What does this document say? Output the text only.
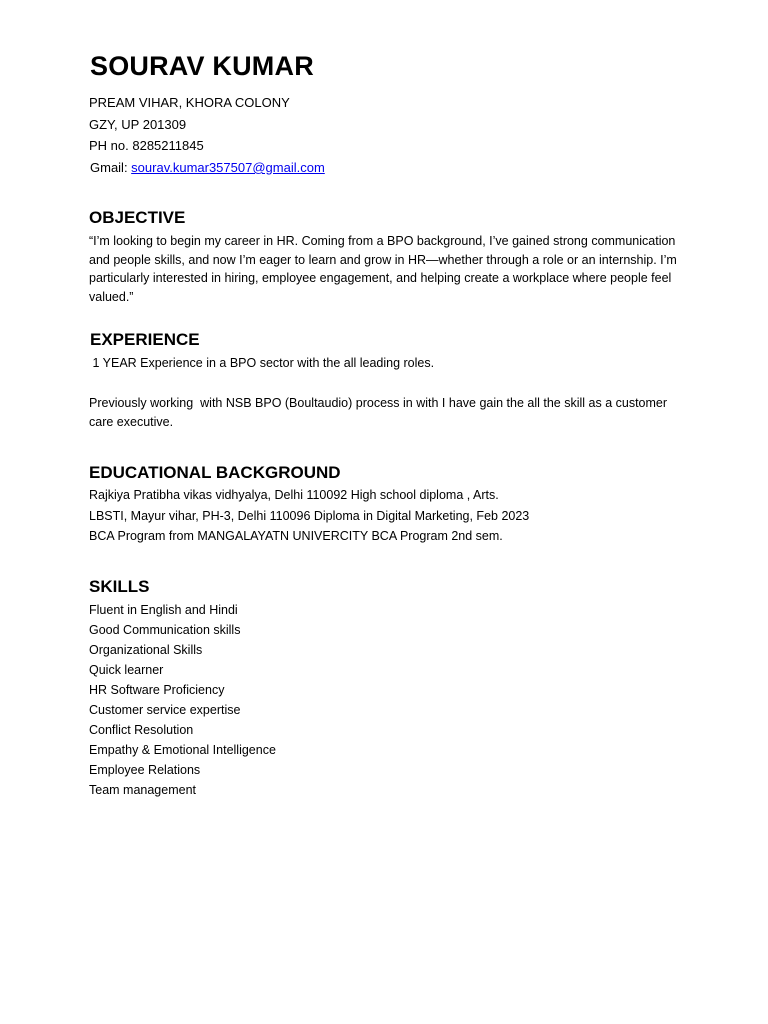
SOURAV KUMAR

PREAM VIHAR, KHORA COLONY

GZY, UP 201309

PH no. 8285211845

Gmail: sourav.kumar357507@gmail.com

OBJECTIVE

“I’m looking to begin my career in HR. Coming from a BPO background, I’ve gained strong communication and people skills, and now I’m eager to learn and grow in HR—whether through a role or an internship. I’m particularly interested in hiring, employee engagement, and helping create a workplace where people feel valued.”

EXPERIENCE

1 YEAR Experience in a BPO sector with the all leading roles.

Previously working  with NSB BPO (Boultaudio) process in with I have gain the all the skill as a customer care executive.

EDUCATIONAL BACKGROUND

Rajkiya Pratibha vikas vidhyalya, Delhi 110092 High school diploma , Arts.

LBSTI, Mayur vihar, PH-3, Delhi 110096 Diploma in Digital Marketing, Feb 2023

BCA Program from MANGALAYATN UNIVERCITY BCA Program 2nd sem.

SKILLS
Fluent in English and Hindi
Good Communication skills
Organizational Skills
Quick learner
HR Software Proficiency
Customer service expertise
Conflict Resolution
Empathy & Emotional Intelligence
Employee Relations
Team management
